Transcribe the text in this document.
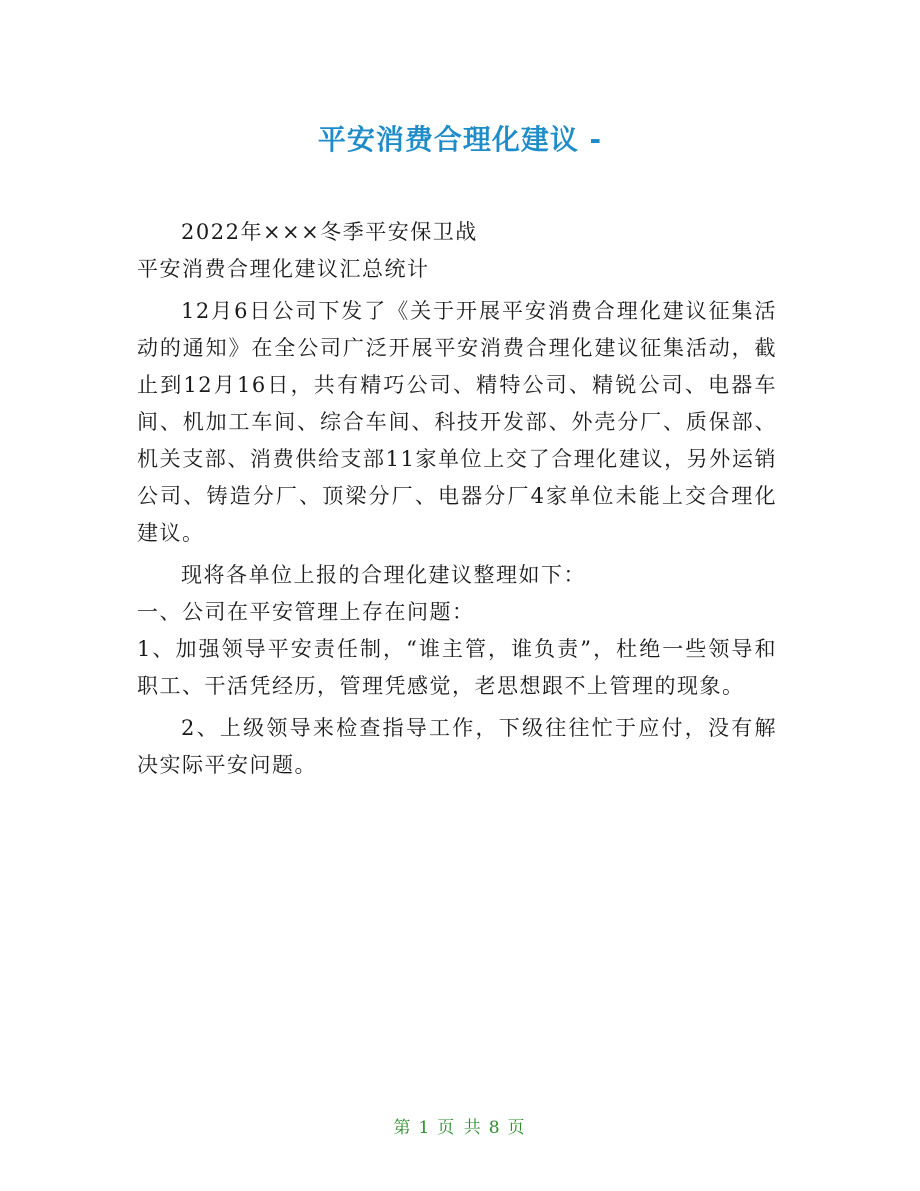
平安消费合理化建议 -

2022年×××冬季平安保卫战

平安消费合理化建议汇总统计

12月6日公司下发了《关于开展平安消费合理化建议征集活动的通知》在全公司广泛开展平安消费合理化建议征集活动，截止到12月16日，共有精巧公司、精特公司、精锐公司、电器车间、机加工车间、综合车间、科技开发部、外壳分厂、质保部、机关支部、消费供给支部11家单位上交了合理化建议，另外运销公司、铸造分厂、顶梁分厂、电器分厂4家单位未能上交合理化建议。

现将各单位上报的合理化建议整理如下：

一、公司在平安管理上存在问题：

1、加强领导平安责任制，“谁主管，谁负责”，杜绝一些领导和职工、干活凭经历，管理凭感觉，老思想跟不上管理的现象。

2、上级领导来检查指导工作，下级往往忙于应付，没有解决实际平安问题。

第 1 页 共 8 页
